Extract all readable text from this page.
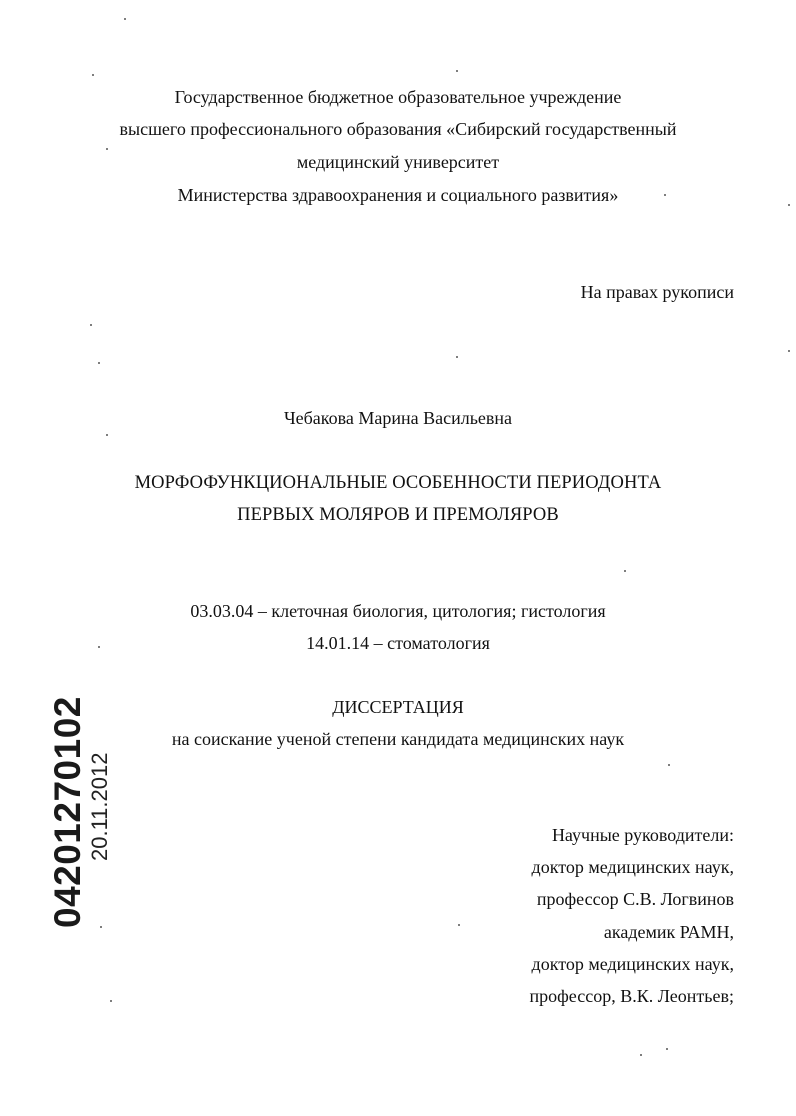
Государственное бюджетное образовательное учреждение
высшего профессионального образования «Сибирский государственный
медицинский университет
Министерства здравоохранения и социального развития»
На правах рукописи
Чебакова Марина Васильевна
МОРФОФУНКЦИОНАЛЬНЫЕ ОСОБЕННОСТИ ПЕРИОДОНТА
ПЕРВЫХ МОЛЯРОВ И ПРЕМОЛЯРОВ
03.03.04 – клеточная биология, цитология; гистология
14.01.14 – стоматология
ДИССЕРТАЦИЯ
на соискание ученой степени кандидата медицинских наук
Научные руководители:
доктор медицинских наук,
профессор С.В. Логвинов
академик РАМН,
доктор медицинских наук,
профессор, В.К. Леонтьев;
04201270102 20.11.2012
